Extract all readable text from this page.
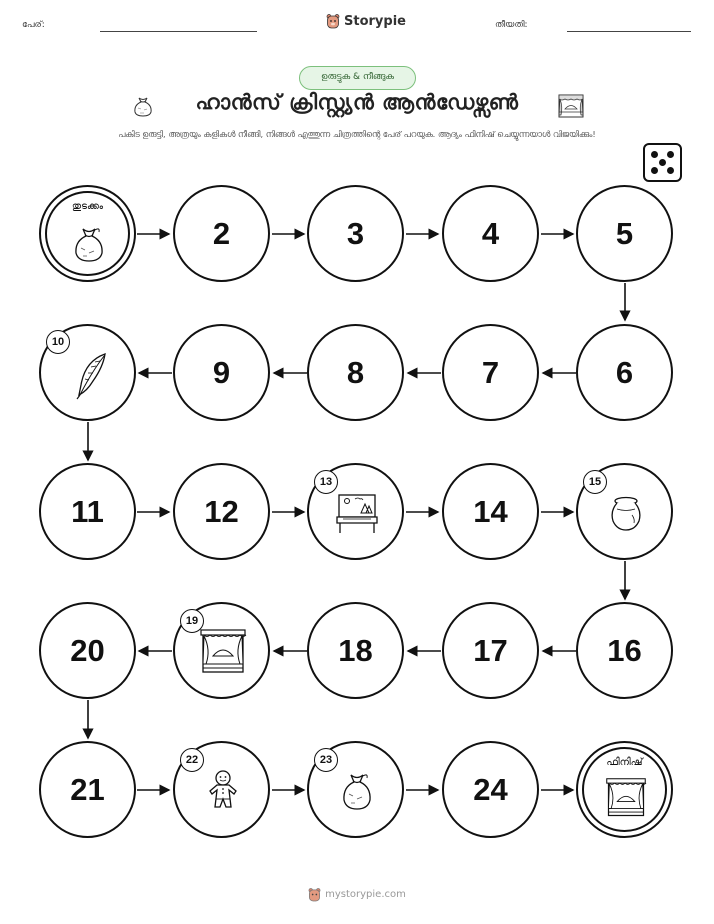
പേര്:	Storypie	തീയതി:
ഉരുട്ടുക & നീങ്ങുക
ഹാൻസ് ക്രിസ്റ്റ്യൻ ആൻഡേഴ്സൺ
പകിട ഉരുട്ടി, അത്രയും കളികൾ നീങ്ങി, നിങ്ങൾ എത്തുന്ന ചിത്രത്തിന്റെ പേര് പറയുക. ആദ്യം ഫിനിഷ് ചെയ്യുന്നയാൾ വിജയിക്കും!
തുടക്കം
2	3	4	5
10
9	8	7	6
11	12
13
14
15
20
19
18	17	16
21
22	23
24
ഫിനിഷ്
mystorypie.com
